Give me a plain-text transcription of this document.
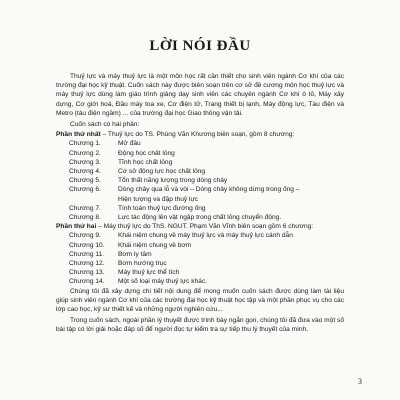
LỜI NÓI ĐẦU

Thuỷ lực và máy thuỷ lực là một môn học rất cần thiết cho sinh viên ngành Cơ khí của các trường đại học kỹ thuật. Cuốn sách này được biên soạn trên cơ sở đề cương môn học thuỷ lực và máy thuỷ lực dùng làm giáo trình giảng dạy sinh viên các chuyên ngành Cơ khí ô tô, Máy xây dựng, Cơ giới hoá, Đầu máy toa xe, Cơ điện tử, Trang thiết bị lạnh, Máy động lực, Tàu điện và Metro (tàu điện ngầm) ... của trường đại học Giao thông vận tải.

Cuốn sách có hai phần:

Phần thứ nhất – Thuỷ lực do TS. Phùng Văn Khương biên soạn, gồm 8 chương:

Chương 1.	Mở đầu
Chương 2.	Động học chất lỏng
Chương 3.	Tĩnh học chất lỏng
Chương 4.	Cơ sở động lực học chất lỏng
Chương 5.	Tổn thất năng lượng trong dòng chảy
Chương 6.	Dòng chảy qua lỗ và vòi – Dòng chảy không dừng trong ống –
Hiện tượng va đập thuỷ lực
Chương 7.	Tính toán thuỷ lực đường ống
Chương 8.	Lực tác động lên vật ngập trong chất lỏng chuyển động.

Phần thứ hai – Máy thuỷ lực do ThS. NGUT. Phạm Văn Vĩnh biên soạn gồm 6 chương:

Chương 9.	Khái niệm chung về máy thuỷ lực và máy thuỷ lực cánh dẫn
Chương 10.	Khái niệm chung về bơm
Chương 11.	Bơm ly tâm
Chương 12.	Bơm hướng trục
Chương 13.	Máy thuỷ lực thể tích
Chương 14.	Một số loại máy thuỷ lực khác.

Chúng tôi đã xây dựng chi tiết nội dung để mong muốn cuốn sách được dùng làm tài liệu giúp sinh viên ngành Cơ khí của các trường đại học kỹ thuật học tập và một phần phục vụ cho các lớp cao học, kỹ sư thiết kế và những người nghiên cứu...

Trong cuốn sách, ngoài phần lý thuyết được trình bày ngắn gọn, chúng tôi đã đưa vào một số bài tập có lời giải hoặc đáp số để người đọc tự kiểm tra sự tiếp thu lý thuyết của mình.

3
